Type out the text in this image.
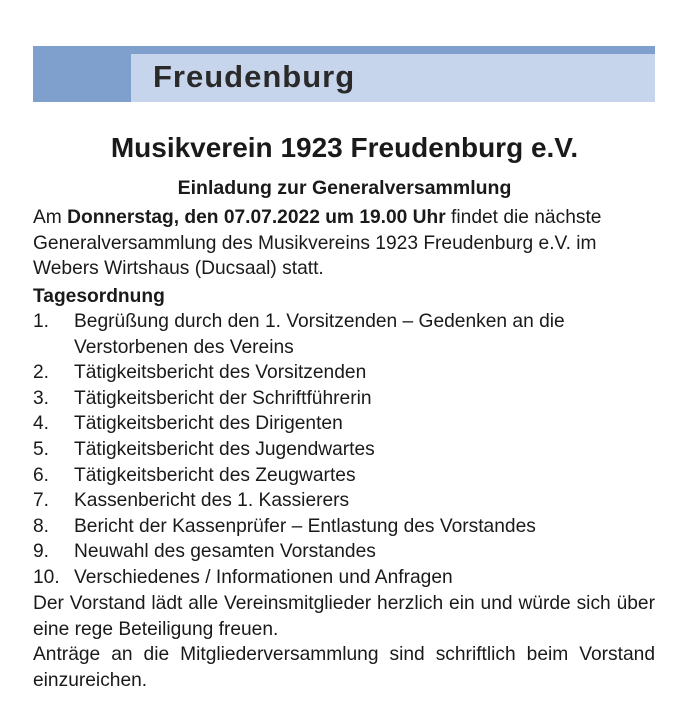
Freudenburg
Musikverein 1923 Freudenburg e.V.
Einladung zur Generalversammlung
Am Donnerstag, den 07.07.2022 um 19.00 Uhr findet die nächste Generalversammlung des Musikvereins 1923 Freudenburg e.V. im Webers Wirtshaus (Ducsaal) statt.
Tagesordnung
1. Begrüßung durch den 1. Vorsitzenden – Gedenken an die Verstorbenen des Vereins
2. Tätigkeitsbericht des Vorsitzenden
3. Tätigkeitsbericht der Schriftführerin
4. Tätigkeitsbericht des Dirigenten
5. Tätigkeitsbericht des Jugendwartes
6. Tätigkeitsbericht des Zeugwartes
7. Kassenbericht des 1. Kassierers
8. Bericht der Kassenprüfer – Entlastung des Vorstandes
9. Neuwahl des gesamten Vorstandes
10. Verschiedenes / Informationen und Anfragen
Der Vorstand lädt alle Vereinsmitglieder herzlich ein und würde sich über eine rege Beteiligung freuen.
Anträge an die Mitgliederversammlung sind schriftlich beim Vorstand einzureichen.
